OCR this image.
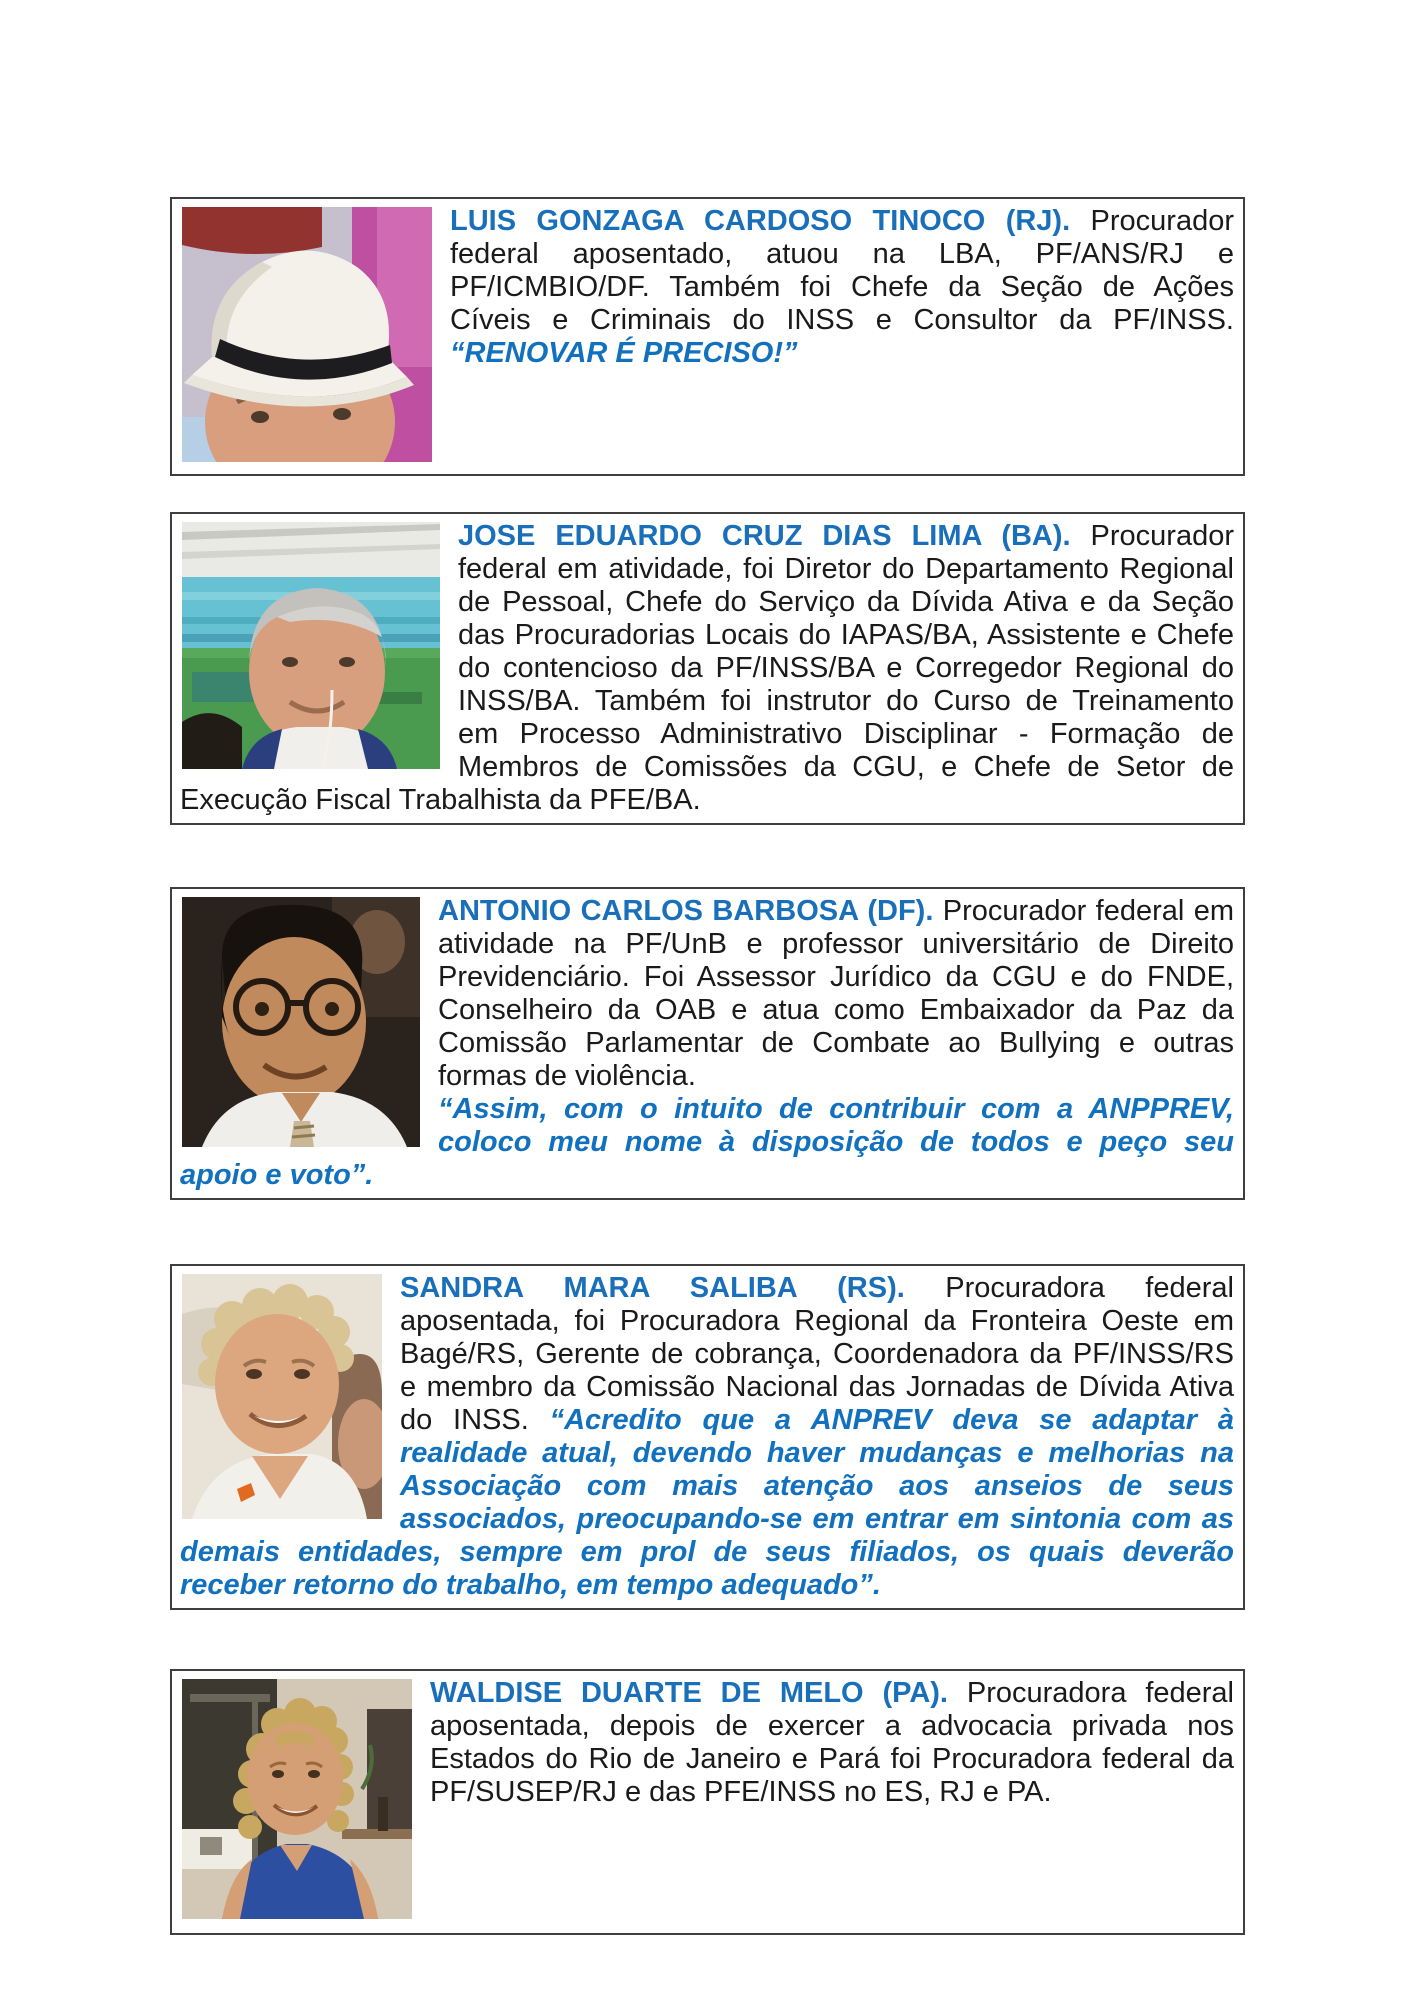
LUIS GONZAGA CARDOSO TINOCO (RJ). Procurador federal aposentado, atuou na LBA, PF/ANS/RJ e PF/ICMBIO/DF. Também foi Chefe da Seção de Ações Cíveis e Criminais do INSS e Consultor da PF/INSS. “RENOVAR É PRECISO!”

JOSE EDUARDO CRUZ DIAS LIMA (BA). Procurador federal em atividade, foi Diretor do Departamento Regional de Pessoal, Chefe do Serviço da Dívida Ativa e da Seção das Procuradorias Locais do IAPAS/BA, Assistente e Chefe do contencioso da PF/INSS/BA e Corregedor Regional do INSS/BA. Também foi instrutor do Curso de Treinamento em Processo Administrativo Disciplinar - Formação de Membros de Comissões da CGU, e Chefe de Setor de Execução Fiscal Trabalhista da PFE/BA.

ANTONIO CARLOS BARBOSA (DF). Procurador federal em atividade na PF/UnB e professor universitário de Direito Previdenciário. Foi Assessor Jurídico da CGU e do FNDE, Conselheiro da OAB e atua como Embaixador da Paz da Comissão Parlamentar de Combate ao Bullying e outras formas de violência.
“Assim, com o intuito de contribuir com a ANPPREV, coloco meu nome à disposição de todos e peço seu apoio e voto”.

SANDRA MARA SALIBA (RS). Procuradora federal aposentada, foi Procuradora Regional da Fronteira Oeste em Bagé/RS, Gerente de cobrança, Coordenadora da PF/INSS/RS e membro da Comissão Nacional das Jornadas de Dívida Ativa do INSS. “Acredito que a ANPREV deva se adaptar à realidade atual, devendo haver mudanças e melhorias na Associação com mais atenção aos anseios de seus associados, preocupando-se em entrar em sintonia com as demais entidades, sempre em prol de seus filiados, os quais deverão receber retorno do trabalho, em tempo adequado”.

WALDISE DUARTE DE MELO (PA). Procuradora federal aposentada, depois de exercer a advocacia privada nos Estados do Rio de Janeiro e Pará foi Procuradora federal da PF/SUSEP/RJ e das PFE/INSS no ES, RJ e PA.
